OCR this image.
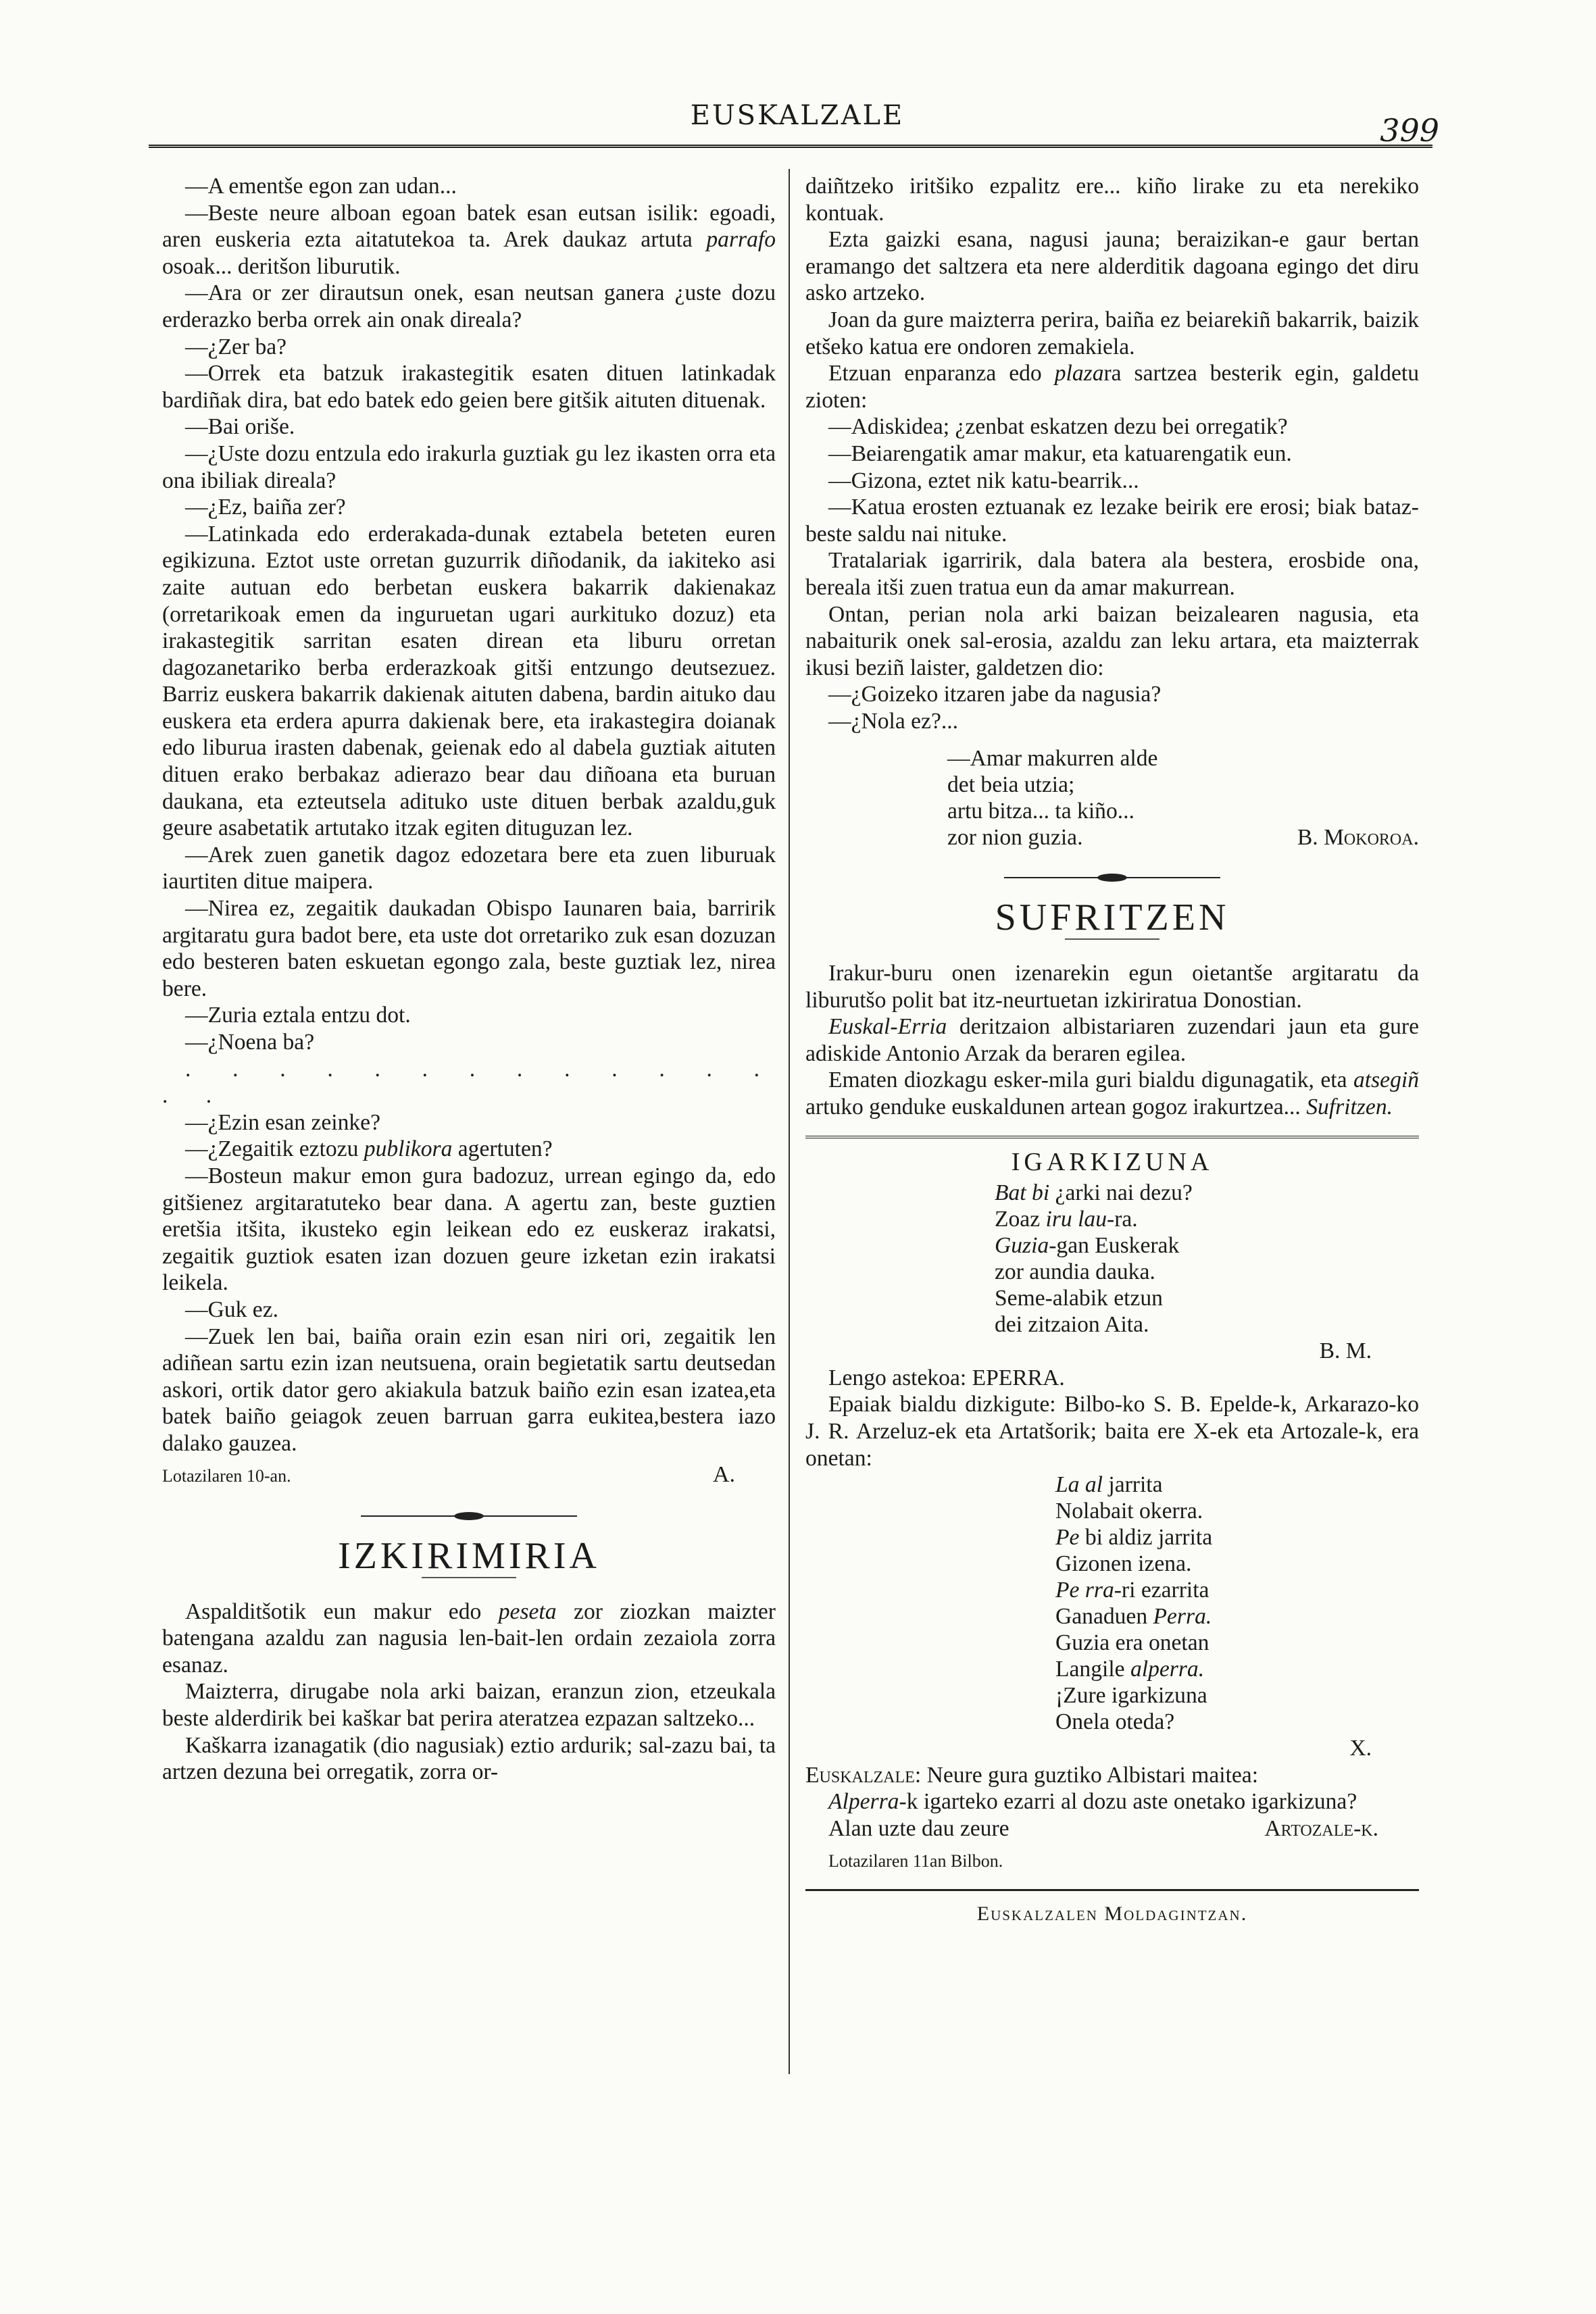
EUSKALZALE	399

—A ementše egon zan udan...

—Beste neure alboan egoan batek esan eutsan isilik: egoadi, aren euskeria ezta aitatutekoa ta. Arek daukaz artuta parrafo osoak... deritšon liburutik.

—Ara or zer dirautsun onek, esan neutsan ganera ¿uste dozu erderazko berba orrek ain onak direala?

—¿Zer ba?

—Orrek eta batzuk irakastegitik esaten dituen latinkadak bardiñak dira, bat edo batek edo geien bere gitšik aituten dituenak.

—Bai oriše.

—¿Uste dozu entzula edo irakurla guztiak gu lez ikasten orra eta ona ibiliak direala?

—¿Ez, baiña zer?

—Latinkada edo erderakada-dunak eztabela beteten euren egikizuna. Eztot uste orretan guzurrik diñodanik, da iakiteko asi zaite autuan edo berbetan euskera bakarrik dakienakaz (orretarikoak emen da inguruetan ugari aurkituko dozuz) eta irakastegitik sarritan esaten direan eta liburu orretan dagozanetariko berba erderazkoak gitši entzungo deutsezuez. Barriz euskera bakarrik dakienak aituten dabena, bardin aituko dau euskera eta erdera apurra dakienak bere, eta irakastegira doianak edo liburua irasten dabenak, geienak edo al dabela guztiak aituten dituen erako berbakaz adierazo bear dau diñoana eta buruan daukana, eta ezteutsela adituko uste dituen berbak azaldu,guk geure asabetatik artutako itzak egiten dituguzan lez.

—Arek zuen ganetik dagoz edozetara bere eta zuen liburuak iaurtiten ditue maipera.

—Nirea ez, zegaitik daukadan Obispo Iaunaren baia, barririk argitaratu gura badot bere, eta uste dot orretariko zuk esan dozuzan edo besteren baten eskuetan egongo zala, beste guztiak lez, nirea bere.

—Zuria eztala entzu dot.

—¿Noena ba?

. . . . . . . . . . . . . . .

—¿Ezin esan zeinke?

—¿Zegaitik eztozu publikora agertuten?

—Bosteun makur emon gura badozuz, urrean egingo da, edo gitšienez argitaratuteko bear dana. A agertu zan, beste guztien eretšia itšita, ikusteko egin leikean edo ez euskeraz irakatsi, zegaitik guztiok esaten izan dozuen geure izketan ezin irakatsi leikela.

—Guk ez.

—Zuek len bai, baiña orain ezin esan niri ori, zegaitik len adiñean sartu ezin izan neutsuena, orain begietatik sartu deutsedan askori, ortik dator gero akiakula batzuk baiño ezin esan izatea,eta batek baiño geiagok zeuen barruan garra eukitea,bestera iazo dalako gauzea.

Lotazilaren 10-an.	A.
IZKIRIMIRIA

Aspalditšotik eun makur edo peseta zor ziozkan maizter batengana azaldu zan nagusia len-bait-len ordain zezaiola zorra esanaz.

Maizterra, dirugabe nola arki baizan, eranzun zion, etzeukala beste alderdirik bei kaškar bat perira ateratzea ezpazan saltzeko...

Kaškarra izanagatik (dio nagusiak) eztio ardurik; sal-zazu bai, ta artzen dezuna bei orregatik, zorra or-

daiñtzeko iritšiko ezpalitz ere... kiño lirake zu eta nerekiko kontuak.

Ezta gaizki esana, nagusi jauna; beraizikan-e gaur bertan eramango det saltzera eta nere alderditik dagoana egingo det diru asko artzeko.

Joan da gure maizterra perira, baiña ez beiarekiñ bakarrik, baizik etšeko katua ere ondoren zemakiela.

Etzuan enparanza edo plazara sartzea besterik egin, galdetu zioten:

—Adiskidea; ¿zenbat eskatzen dezu bei orregatik?

—Beiarengatik amar makur, eta katuarengatik eun.

—Gizona, eztet nik katu-bearrik...

—Katua erosten eztuanak ez lezake beirik ere erosi; biak bataz-beste saldu nai nituke.

Tratalariak igarririk, dala batera ala bestera, erosbide ona, bereala itši zuen tratua eun da amar makurrean.

Ontan, perian nola arki baizan beizalearen nagusia, eta nabaiturik onek sal-erosia, azaldu zan leku artara, eta maizterrak ikusi beziñ laister, galdetzen dio:

—¿Goizeko itzaren jabe da nagusia?

—¿Nola ez?...

—Amar makurren alde
det beia utzia;
artu bitza... ta kiño...
zor nion guzia.	B. Mokoroa.
SUFRITZEN

Irakur-buru onen izenarekin egun oietantše argitaratu da liburutšo polit bat itz-neurtuetan izkiriratua Donostian.

Euskal-Erria deritzaion albistariaren zuzendari jaun eta gure adiskide Antonio Arzak da beraren egilea.

Ematen diozkagu esker-mila guri bialdu digunagatik, eta atsegiñ artuko genduke euskaldunen artean gogoz irakurtzea... Sufritzen.

IGARKIZUNA
Bat bi ¿arki nai dezu?
Zoaz iru lau-ra.
Guzia-gan Euskerak
zor aundia dauka.
Seme-alabik etzun
dei zitzaion Aita.
B. M.

Lengo astekoa: EPERRA.

Epaiak bialdu dizkigute: Bilbo-ko S. B. Epelde-k, Arkarazo-ko J. R. Arzeluz-ek eta Artatšorik; baita ere X-ek eta Artozale-k, era onetan:

La al jarrita
Nolabait okerra.
Pe bi aldiz jarrita
Gizonen izena.
Pe rra-ri ezarrita
Ganaduen Perra.
Guzia era onetan
Langile alperra.
¡Zure igarkizuna
Onela oteda?
X.

Euskalzale: Neure gura guztiko Albistari maitea:

Alperra-k igarteko ezarri al dozu aste onetako igarkizuna?

Alan uzte dau zeure	Artozale-k.
Lotazilaren 11an Bilbon.
Euskalzalen Moldagintzan.
